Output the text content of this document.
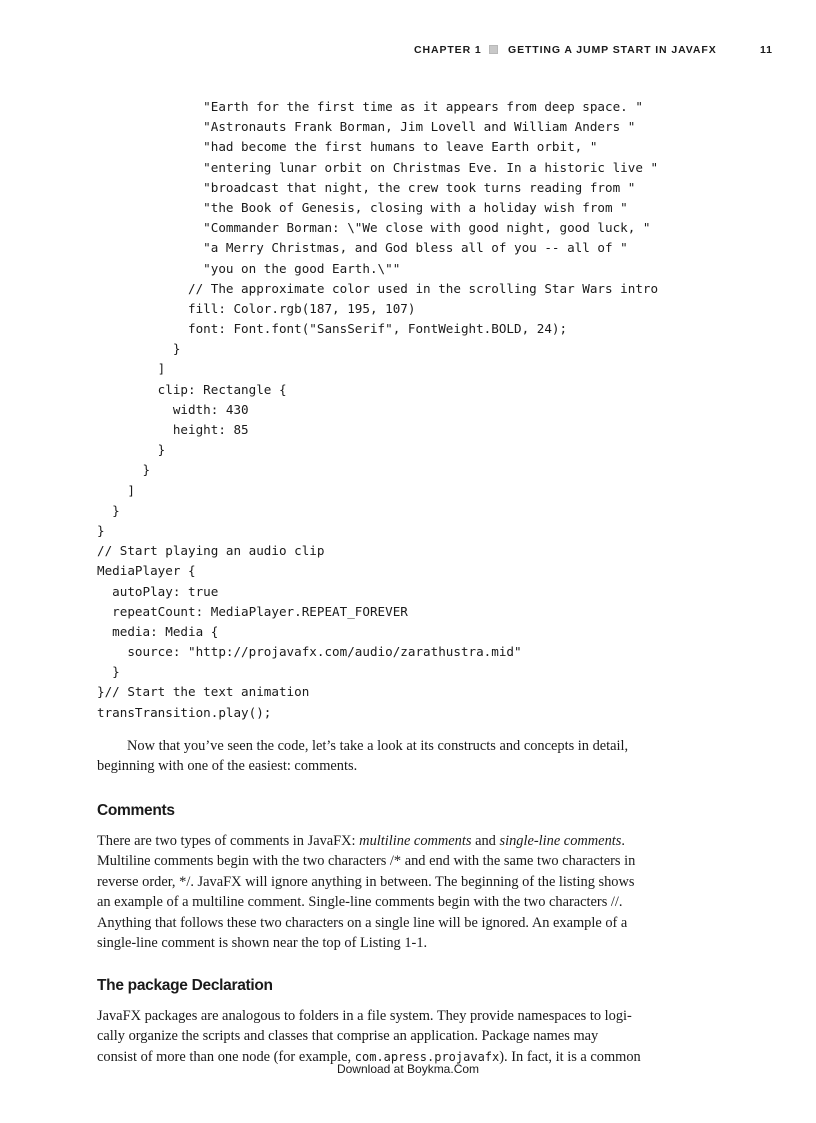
CHAPTER 1	GETTING A JUMP START IN JAVAFX	11
"Earth for the first time as it appears from deep space. "
"Astronauts Frank Borman, Jim Lovell and William Anders "
"had become the first humans to leave Earth orbit, "
"entering lunar orbit on Christmas Eve. In a historic live "
"broadcast that night, the crew took turns reading from "
"the Book of Genesis, closing with a holiday wish from "
"Commander Borman: \"We close with good night, good luck, "
"a Merry Christmas, and God bless all of you -- all of "
"you on the good Earth.\""
// The approximate color used in the scrolling Star Wars intro
fill: Color.rgb(187, 195, 107)
font: Font.font("SansSerif", FontWeight.BOLD, 24);
}
]
clip: Rectangle {
width: 430
height: 85
}
}
]
}
}
// Start playing an audio clip
MediaPlayer {
autoPlay: true
repeatCount: MediaPlayer.REPEAT_FOREVER
media: Media {
source: "http://projavafx.com/audio/zarathustra.mid"
}
}// Start the text animation
transTransition.play();

Now that you’ve seen the code, let’s take a look at its constructs and concepts in detail,
beginning with one of the easiest: comments.

Comments

There are two types of comments in JavaFX: multiline comments and single-line comments.
Multiline comments begin with the two characters /* and end with the same two characters in
reverse order, */. JavaFX will ignore anything in between. The beginning of the listing shows
an example of a multiline comment. Single-line comments begin with the two characters //.
Anything that follows these two characters on a single line will be ignored. An example of a
single-line comment is shown near the top of Listing 1-1.

The package Declaration

JavaFX packages are analogous to folders in a file system. They provide namespaces to logi-
cally organize the scripts and classes that comprise an application. Package names may
consist of more than one node (for example, com.apress.projavafx). In fact, it is a common

Download at Boykma.Com
